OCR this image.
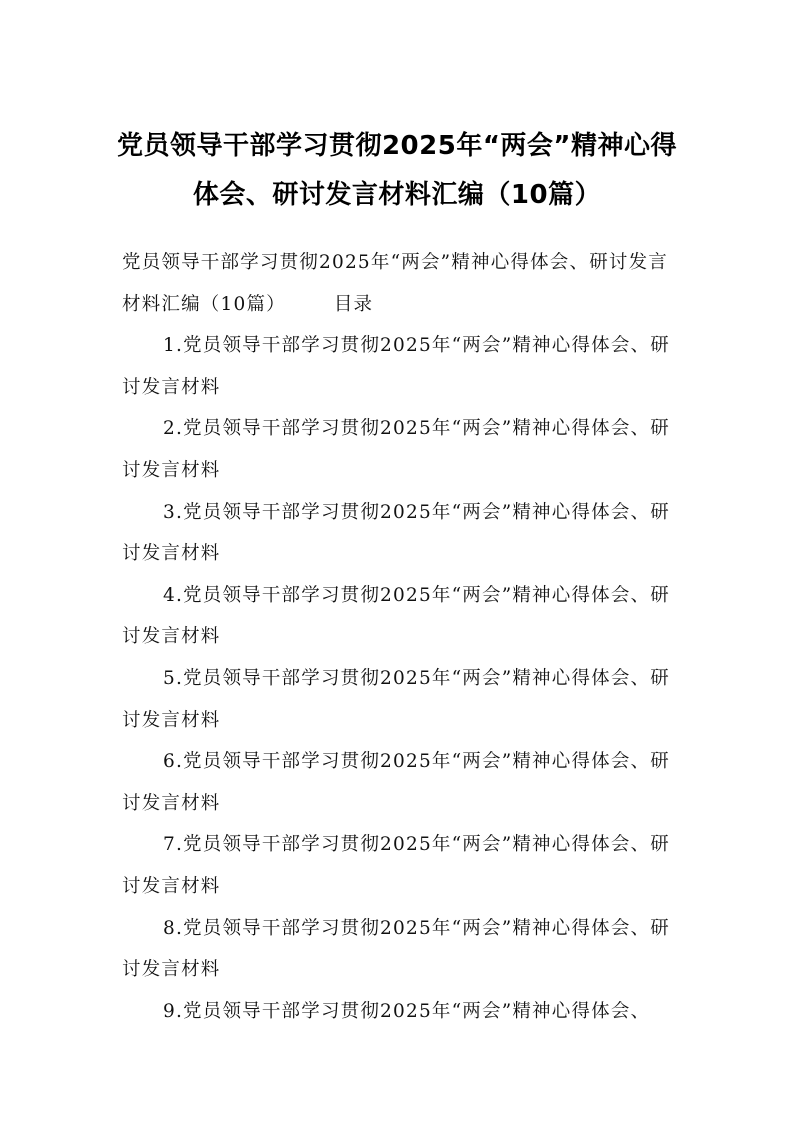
党员领导干部学习贯彻2025年“两会”精神心得体会、研讨发言材料汇编（10篇）

党员领导干部学习贯彻2025年“两会”精神心得体会、研讨发言材料汇编（10篇）	目录

1.党员领导干部学习贯彻2025年“两会”精神心得体会、研讨发言材料

2.党员领导干部学习贯彻2025年“两会”精神心得体会、研讨发言材料

3.党员领导干部学习贯彻2025年“两会”精神心得体会、研讨发言材料

4.党员领导干部学习贯彻2025年“两会”精神心得体会、研讨发言材料

5.党员领导干部学习贯彻2025年“两会”精神心得体会、研讨发言材料

6.党员领导干部学习贯彻2025年“两会”精神心得体会、研讨发言材料

7.党员领导干部学习贯彻2025年“两会”精神心得体会、研讨发言材料

8.党员领导干部学习贯彻2025年“两会”精神心得体会、研讨发言材料

9.党员领导干部学习贯彻2025年“两会”精神心得体会、
